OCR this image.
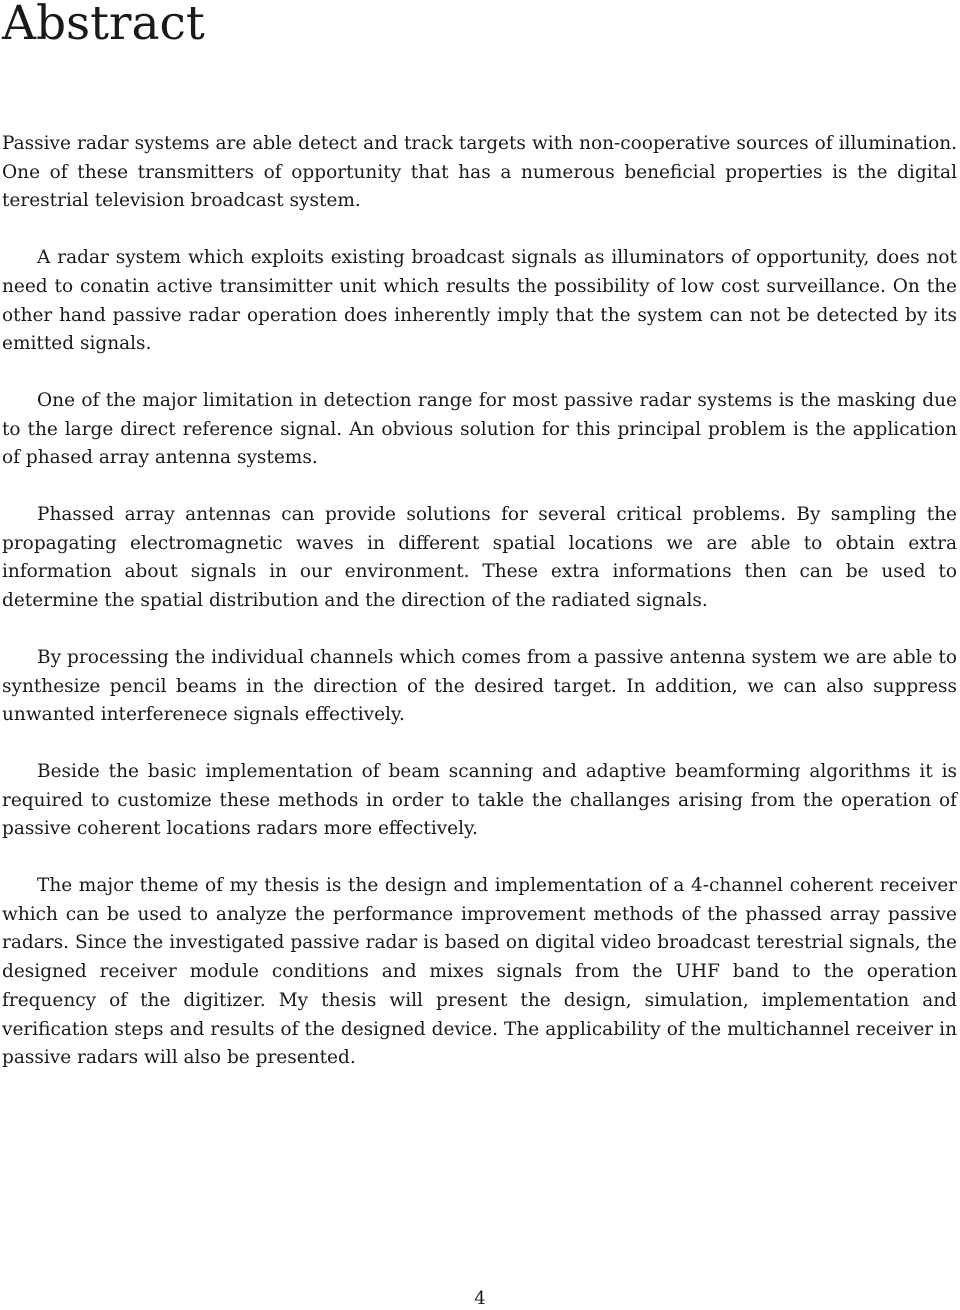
Abstract

Passive radar systems are able detect and track targets with non-cooperative sources of illumination. One of these transmitters of opportunity that has a numerous beneficial properties is the digital terestrial television broadcast system.

A radar system which exploits existing broadcast signals as illuminators of opportunity, does not need to conatin active transimitter unit which results the possibility of low cost surveillance. On the other hand passive radar operation does inherently imply that the system can not be detected by its emitted signals.

One of the major limitation in detection range for most passive radar systems is the masking due to the large direct reference signal. An obvious solution for this principal problem is the application of phased array antenna systems.

Phassed array antennas can provide solutions for several critical problems. By sampling the propagating electromagnetic waves in different spatial locations we are able to obtain extra information about signals in our environment. These extra informations then can be used to determine the spatial distribution and the direction of the radiated signals.

By processing the individual channels which comes from a passive antenna system we are able to synthesize pencil beams in the direction of the desired target. In addition, we can also suppress unwanted interferenece signals effectively.

Beside the basic implementation of beam scanning and adaptive beamforming algorithms it is required to customize these methods in order to takle the challanges arising from the operation of passive coherent locations radars more effectively.

The major theme of my thesis is the design and implementation of a 4-channel coherent receiver which can be used to analyze the performance improvement methods of the phassed array passive radars. Since the investigated passive radar is based on digital video broadcast terestrial signals, the designed receiver module conditions and mixes signals from the UHF band to the operation frequency of the digitizer. My thesis will present the design, simulation, implementation and verification steps and results of the designed device. The applicability of the multichannel receiver in passive radars will also be presented.

4
